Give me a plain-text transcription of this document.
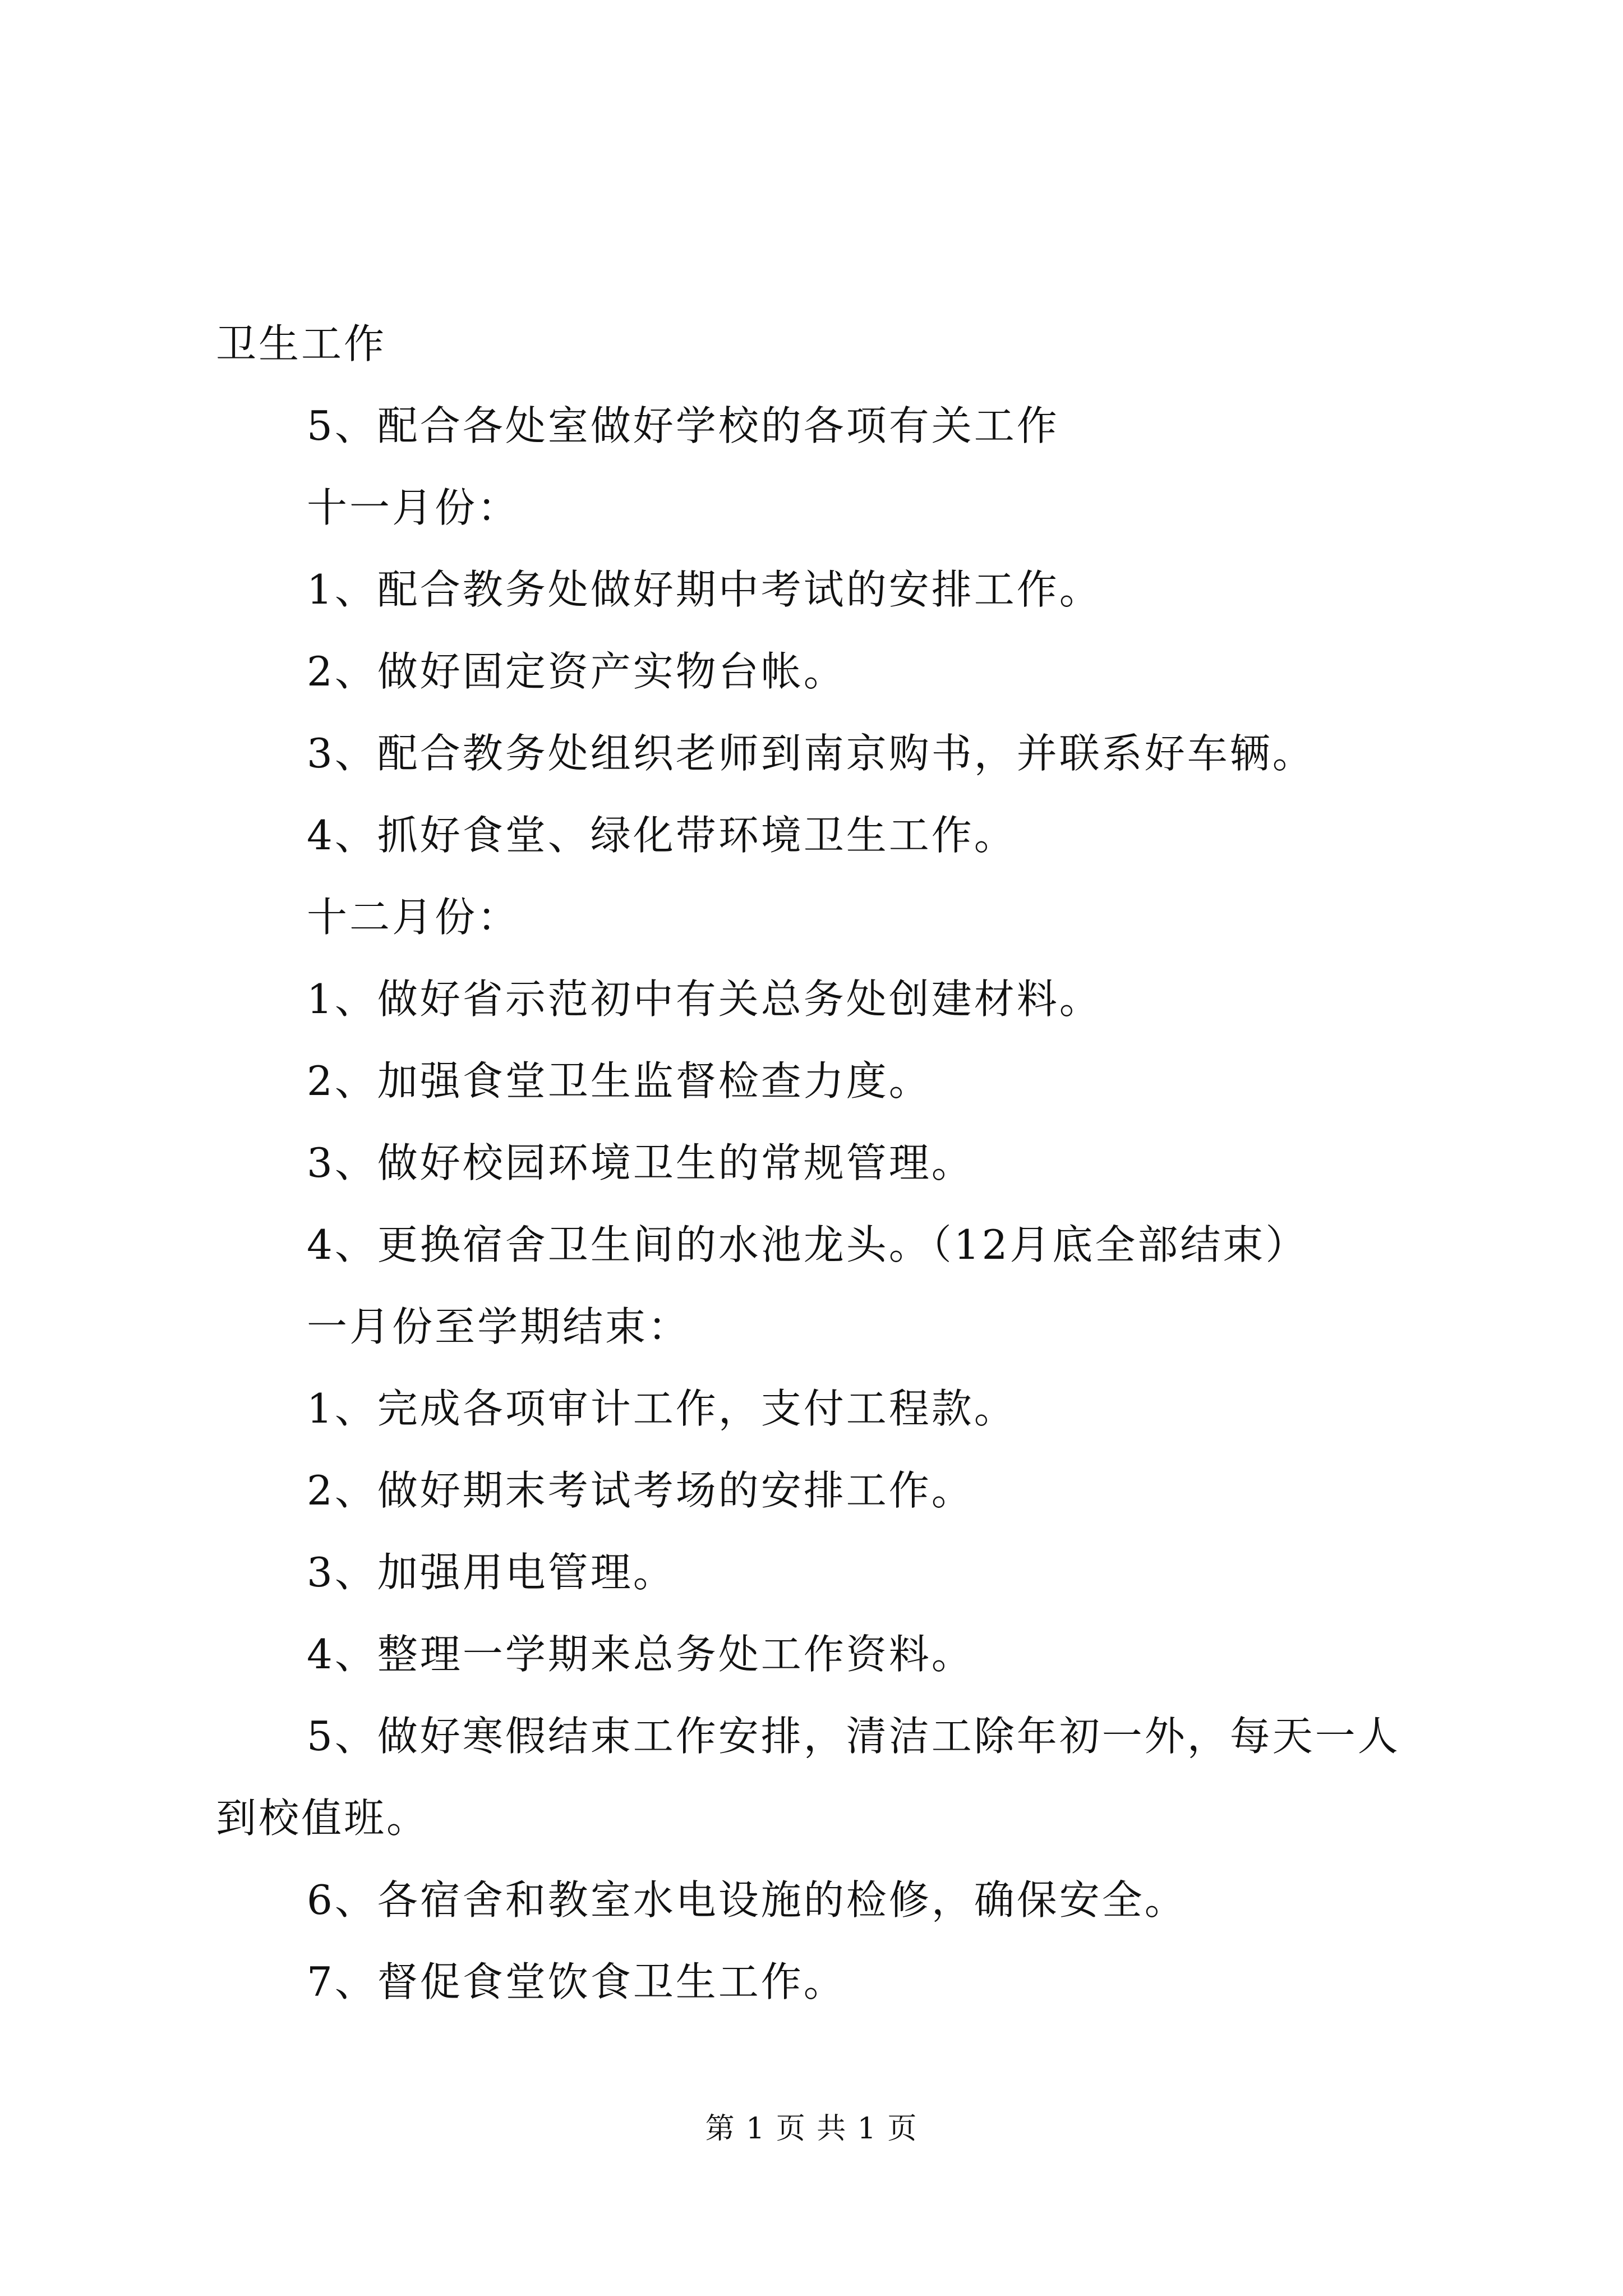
卫生工作
5、配合各处室做好学校的各项有关工作
十一月份：
1、配合教务处做好期中考试的安排工作。
2、做好固定资产实物台帐。
3、配合教务处组织老师到南京购书，并联系好车辆。
4、抓好食堂、绿化带环境卫生工作。
十二月份：
1、做好省示范初中有关总务处创建材料。
2、加强食堂卫生监督检查力度。
3、做好校园环境卫生的常规管理。
4、更换宿舍卫生间的水池龙头。（12月底全部结束）
一月份至学期结束：
1、完成各项审计工作，支付工程款。
2、做好期末考试考场的安排工作。
3、加强用电管理。
4、整理一学期来总务处工作资料。
5、做好寒假结束工作安排，清洁工除年初一外，每天一人
到校值班。
6、各宿舍和教室水电设施的检修，确保安全。
7、督促食堂饮食卫生工作。
第 1 页 共 1 页
